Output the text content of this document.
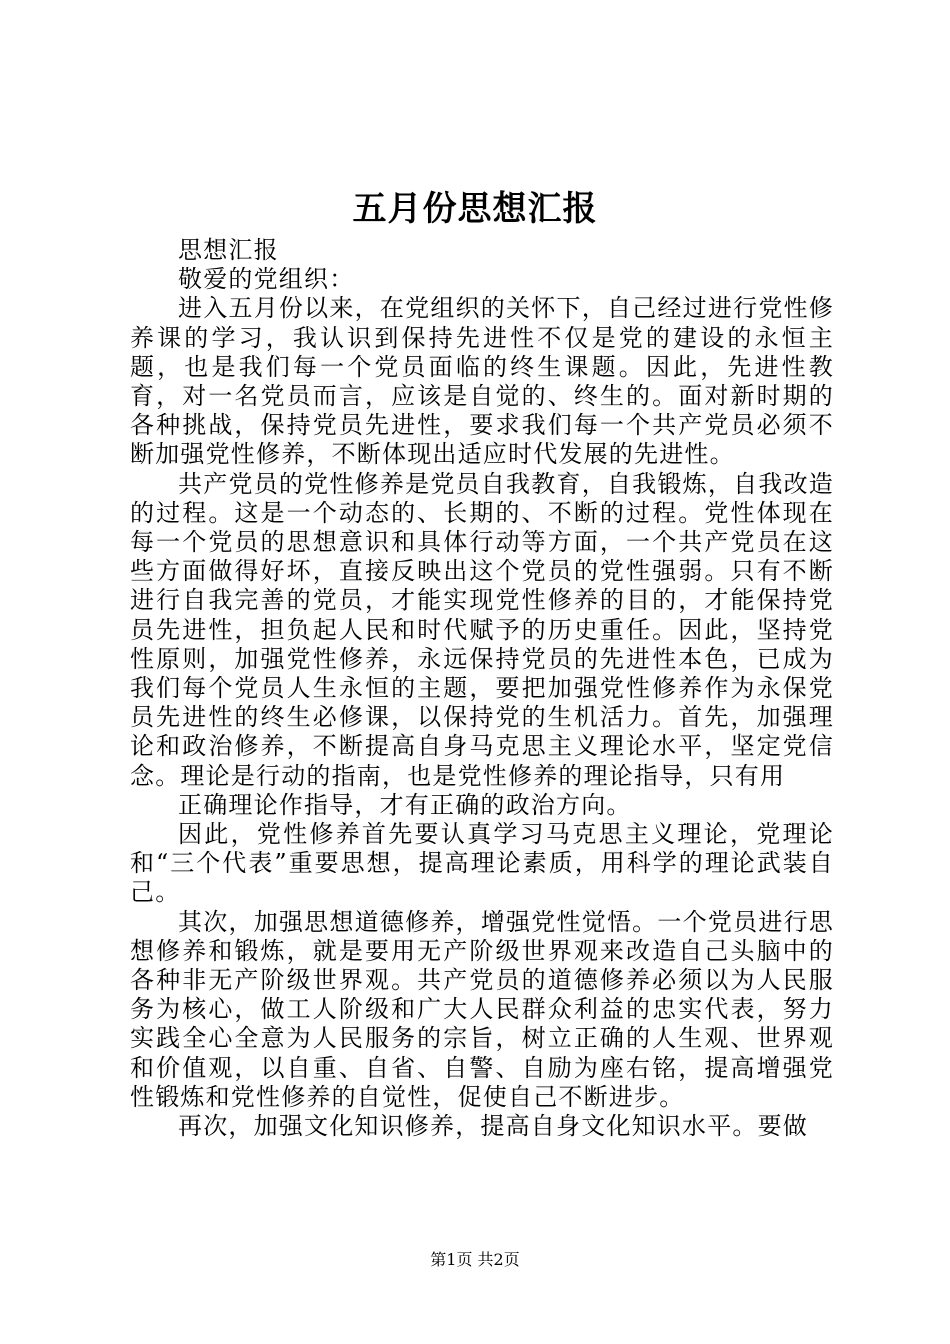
五月份思想汇报

思想汇报

敬爱的党组织：

进入五月份以来，在党组织的关怀下，自己经过进行党性修养课的学习，我认识到保持先进性不仅是党的建设的永恒主题，也是我们每一个党员面临的终生课题。因此，先进性教育，对一名党员而言，应该是自觉的、终生的。面对新时期的各种挑战，保持党员先进性，要求我们每一个共产党员必须不断加强党性修养，不断体现出适应时代发展的先进性。

共产党员的党性修养是党员自我教育，自我锻炼，自我改造的过程。这是一个动态的、长期的、不断的过程。党性体现在每一个党员的思想意识和具体行动等方面，一个共产党员在这些方面做得好坏，直接反映出这个党员的党性强弱。只有不断进行自我完善的党员，才能实现党性修养的目的，才能保持党员先进性，担负起人民和时代赋予的历史重任。因此，坚持党性原则，加强党性修养，永远保持党员的先进性本色，已成为我们每个党员人生永恒的主题，要把加强党性修养作为永保党员先进性的终生必修课，以保持党的生机活力。首先，加强理论和政治修养，不断提高自身马克思主义理论水平，坚定党信念。理论是行动的指南，也是党性修养的理论指导，只有用

正确理论作指导，才有正确的政治方向。

因此，党性修养首先要认真学习马克思主义理论，党理论和“三个代表”重要思想，提高理论素质，用科学的理论武装自己。

其次，加强思想道德修养，增强党性觉悟。一个党员进行思想修养和锻炼，就是要用无产阶级世界观来改造自己头脑中的各种非无产阶级世界观。共产党员的道德修养必须以为人民服务为核心，做工人阶级和广大人民群众利益的忠实代表，努力实践全心全意为人民服务的宗旨，树立正确的人生观、世界观和价值观，以自重、自省、自警、自励为座右铭，提高增强党性锻炼和党性修养的自觉性，促使自己不断进步。

再次，加强文化知识修养，提高自身文化知识水平。要做

第1页 共2页
